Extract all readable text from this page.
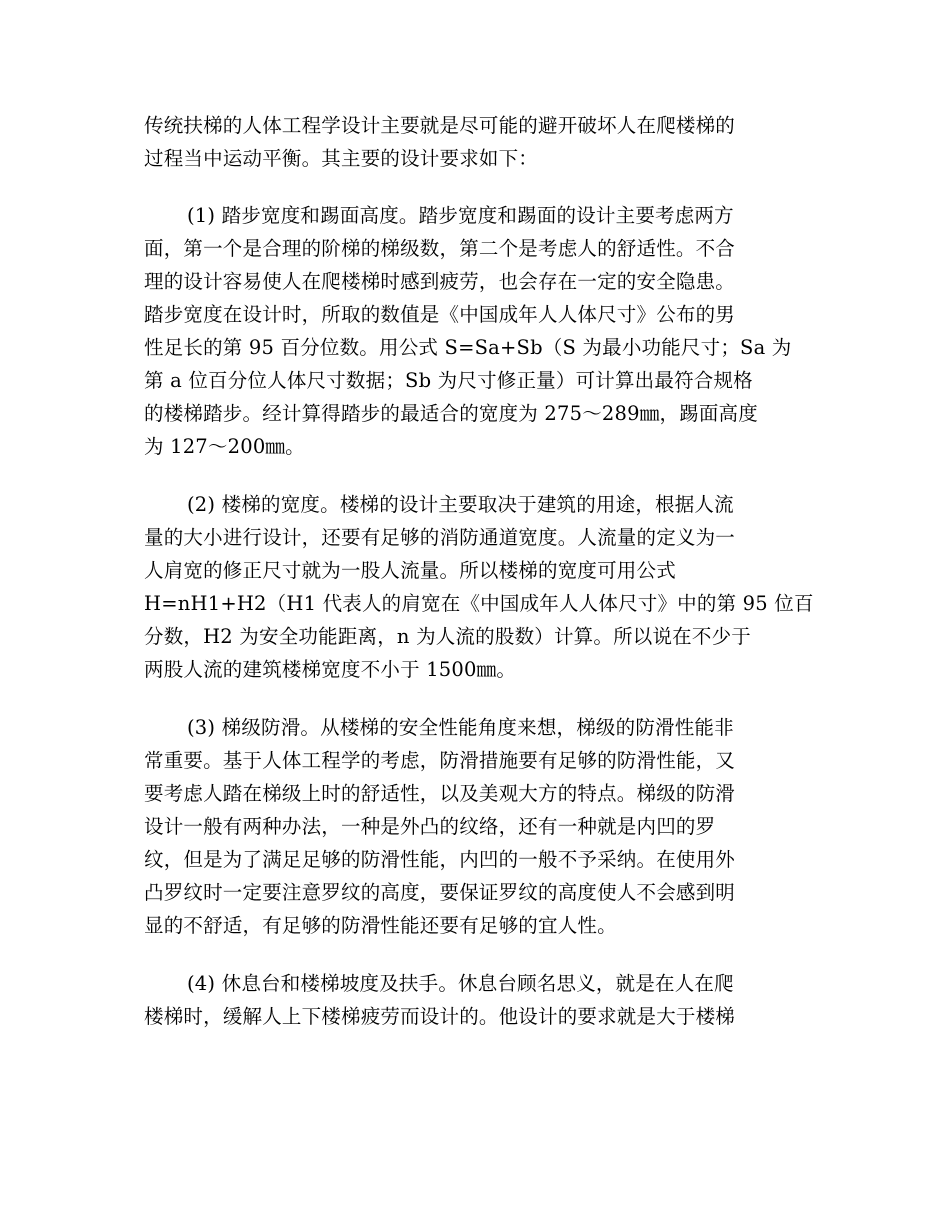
传统扶梯的人体工程学设计主要就是尽可能的避开破坏人在爬楼梯的
过程当中运动平衡。其主要的设计要求如下：
(1) 踏步宽度和踢面高度。踏步宽度和踢面的设计主要考虑两方
面，第一个是合理的阶梯的梯级数，第二个是考虑人的舒适性。不合
理的设计容易使人在爬楼梯时感到疲劳，也会存在一定的安全隐患。
踏步宽度在设计时，所取的数值是《中国成年人人体尺寸》公布的男
性足长的第 95 百分位数。用公式 S=Sa+Sb（S 为最小功能尺寸；Sa 为
第 a 位百分位人体尺寸数据；Sb 为尺寸修正量）可计算出最符合规格
的楼梯踏步。经计算得踏步的最适合的宽度为 275～289㎜，踢面高度
为 127～200㎜。
(2) 楼梯的宽度。楼梯的设计主要取决于建筑的用途，根据人流
量的大小进行设计，还要有足够的消防通道宽度。人流量的定义为一
人肩宽的修正尺寸就为一股人流量。所以楼梯的宽度可用公式
H=nH1+H2（H1 代表人的肩宽在《中国成年人人体尺寸》中的第 95 位百
分数，H2 为安全功能距离，n 为人流的股数）计算。所以说在不少于
两股人流的建筑楼梯宽度不小于 1500㎜。
(3) 梯级防滑。从楼梯的安全性能角度来想，梯级的防滑性能非
常重要。基于人体工程学的考虑，防滑措施要有足够的防滑性能，又
要考虑人踏在梯级上时的舒适性，以及美观大方的特点。梯级的防滑
设计一般有两种办法，一种是外凸的纹络，还有一种就是内凹的罗
纹，但是为了满足足够的防滑性能，内凹的一般不予采纳。在使用外
凸罗纹时一定要注意罗纹的高度，要保证罗纹的高度使人不会感到明
显的不舒适，有足够的防滑性能还要有足够的宜人性。
(4) 休息台和楼梯坡度及扶手。休息台顾名思义，就是在人在爬
楼梯时，缓解人上下楼梯疲劳而设计的。他设计的要求就是大于楼梯
